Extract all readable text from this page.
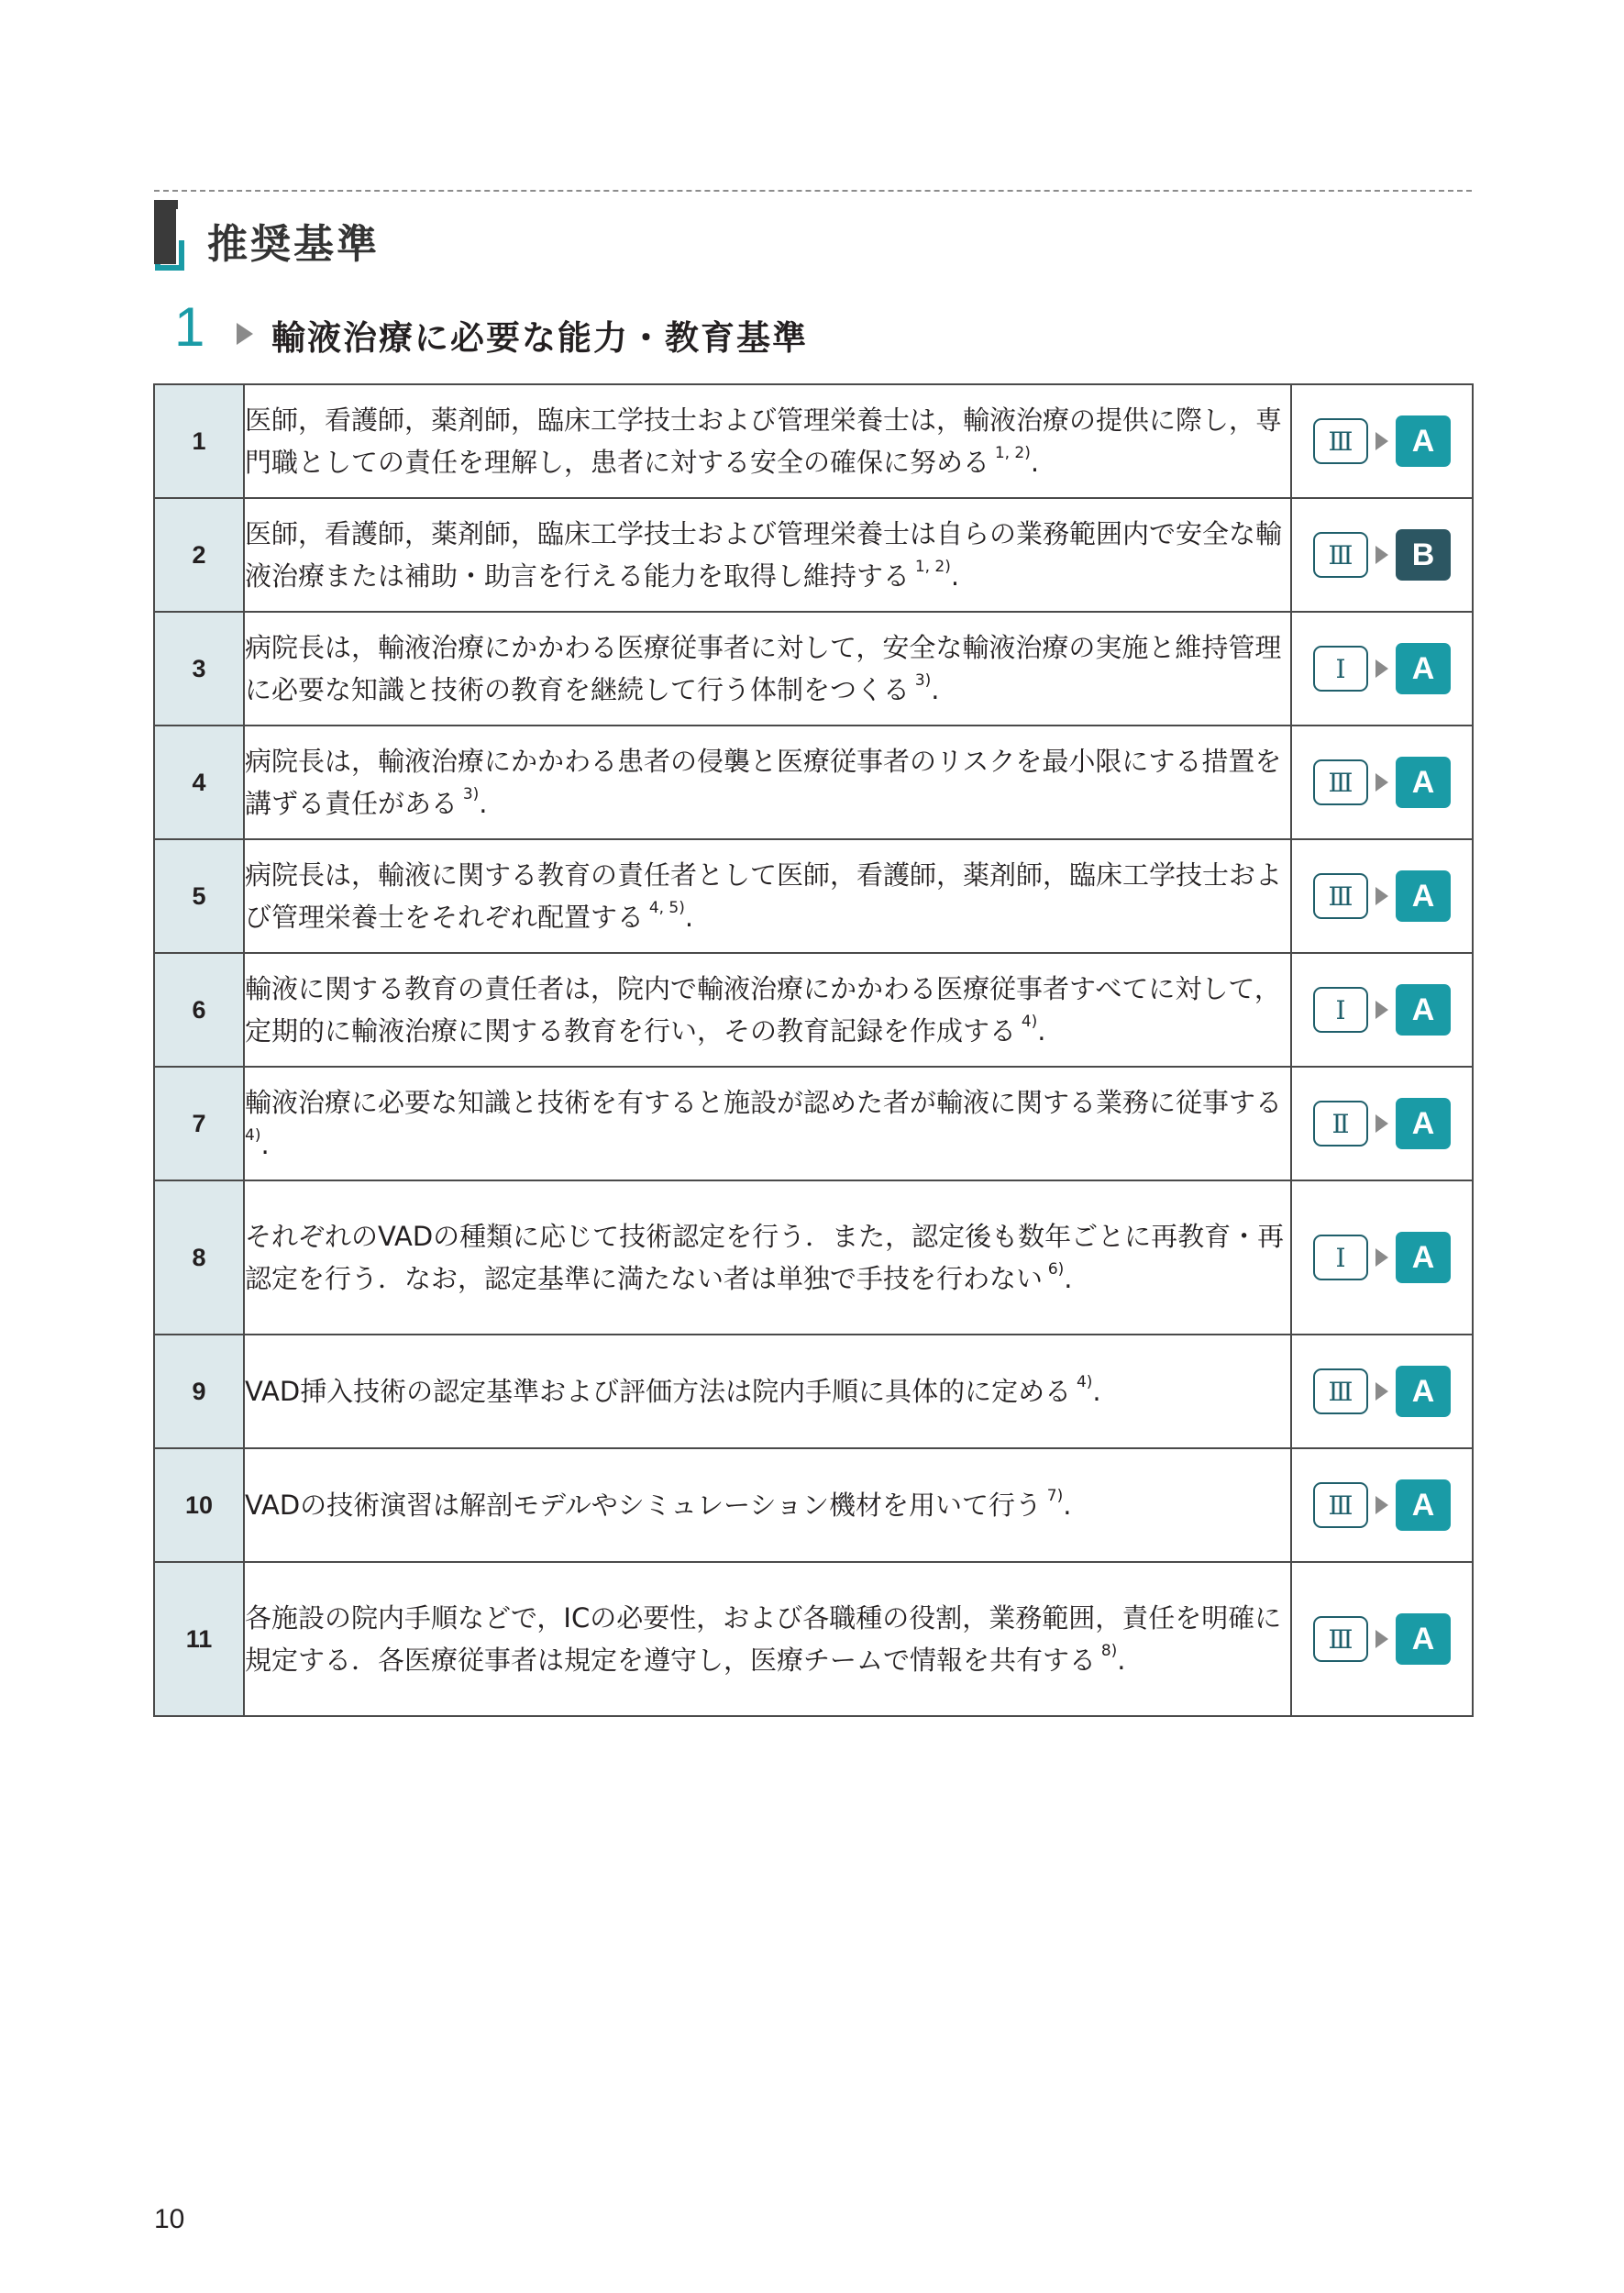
推奨基準
1 輸液治療に必要な能力・教育基準
1	医師，看護師，薬剤師，臨床工学技士および管理栄養士は，輸液治療の提供に際し，専門職としての責任を理解し，患者に対する安全の確保に努める  $^{1, 2)}$.	Ⅲ A

2	医師，看護師，薬剤師，臨床工学技士および管理栄養士は自らの業務範囲内で安全な輸液治療または補助・助言を行える能力を取得し維持する  $^{1, 2)}$.	Ⅲ B

3	病院長は，輸液治療にかかわる医療従事者に対して，安全な輸液治療の実施と維持管理に必要な知識と技術の教育を継続して行う体制をつくる  $^{3)}$.	Ⅰ A

4	病院長は，輸液治療にかかわる患者の侵襲と医療従事者のリスクを最小限にする措置を講ずる責任がある  $^{3)}$.	Ⅲ A

5	病院長は，輸液に関する教育の責任者として医師，看護師，薬剤師，臨床工学技士および管理栄養士をそれぞれ配置する  $^{4, 5)}$.	Ⅲ A

6	輸液に関する教育の責任者は，院内で輸液治療にかかわる医療従事者すべてに対して，定期的に輸液治療に関する教育を行い，その教育記録を作成する  $^{4)}$.	Ⅰ A

7	輸液治療に必要な知識と技術を有すると施設が認めた者が輸液に関する業務に従事する $^{4)}$.	Ⅱ A

8	それぞれのVADの種類に応じて技術認定を行う．また，認定後も数年ごとに再教育・再認定を行う．なお，認定基準に満たない者は単独で手技を行わない  $^{6)}$.	Ⅰ A

9	VAD挿入技術の認定基準および評価方法は院内手順に具体的に定める  $^{4)}$.	Ⅲ A

10	VADの技術演習は解剖モデルやシミュレーション機材を用いて行う  $^{7)}$.	Ⅲ A

11	各施設の院内手順などで，ICの必要性，および各職種の役割，業務範囲，責任を明確に規定する．各医療従事者は規定を遵守し，医療チームで情報を共有する  $^{8)}$.	Ⅲ A
10
